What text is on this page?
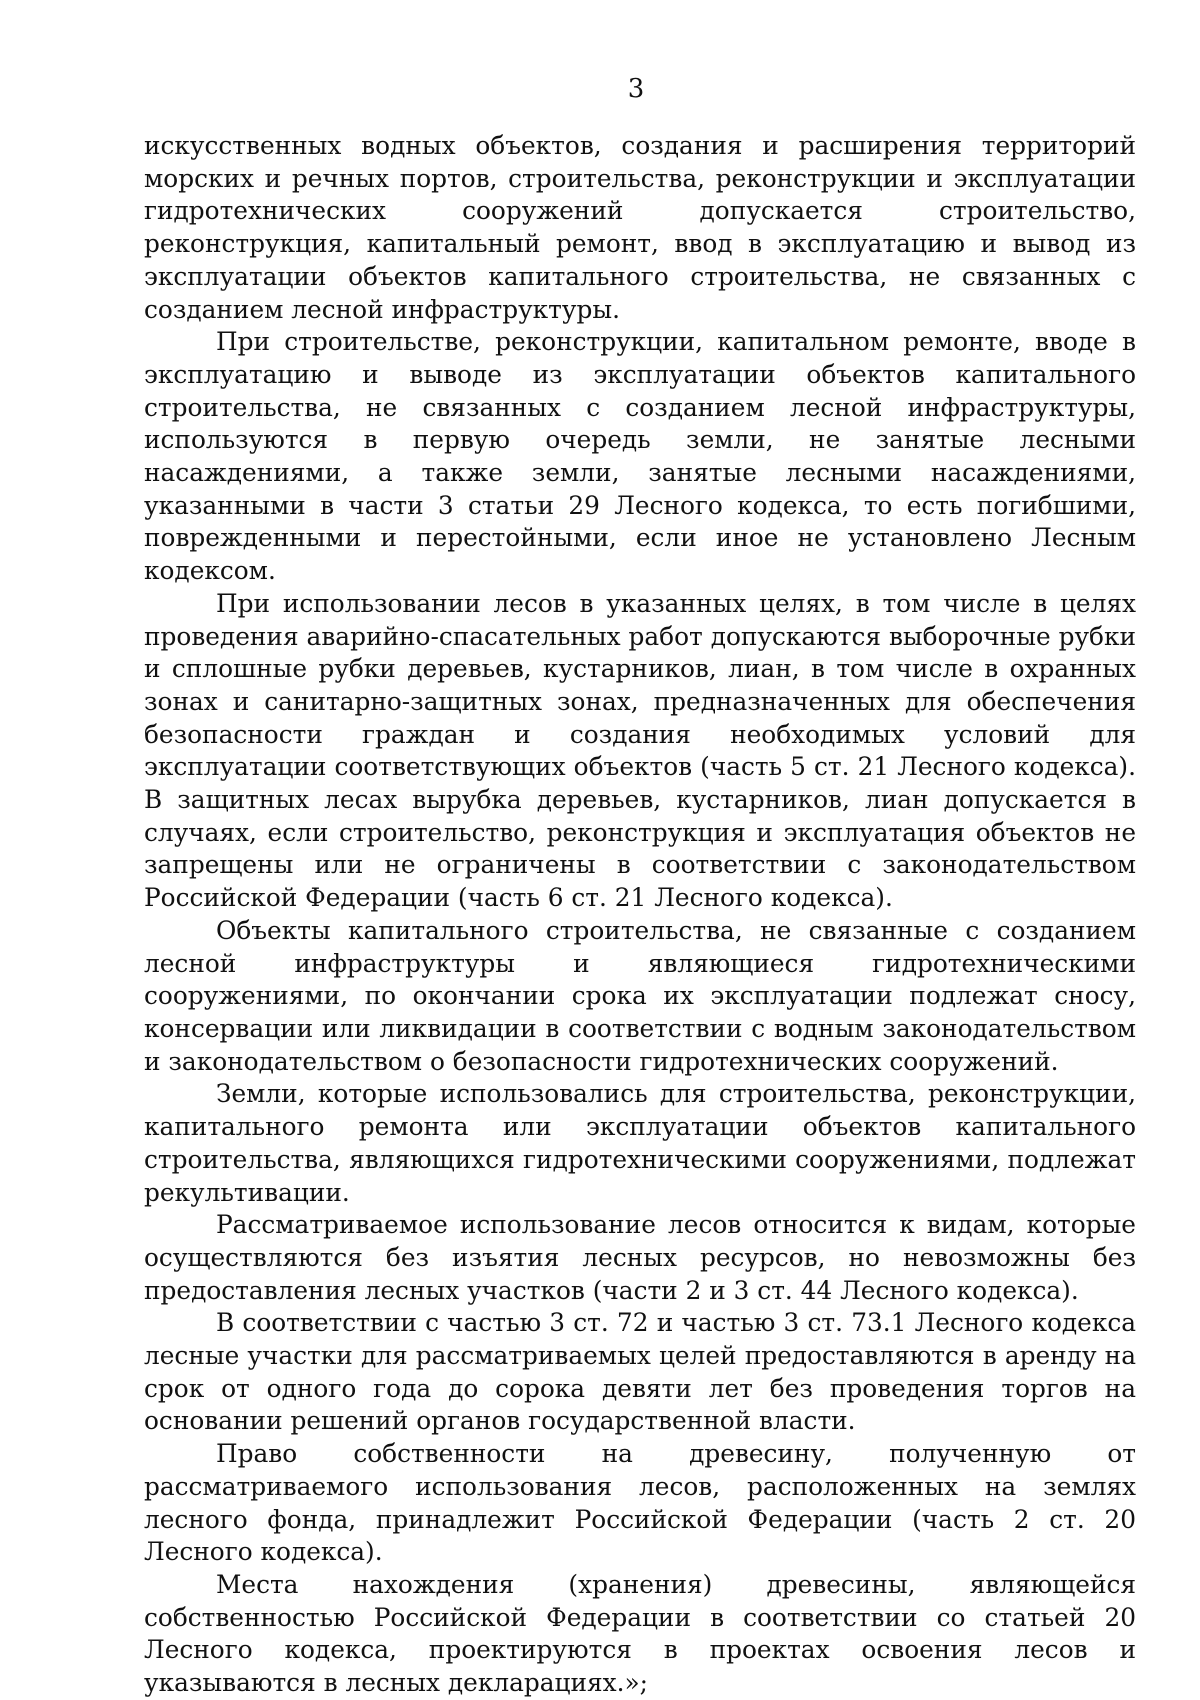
3

искусственных водных объектов, создания и расширения территорий морских и речных портов, строительства, реконструкции и эксплуатации гидротехнических сооружений допускается строительство, реконструкция, капитальный ремонт, ввод в эксплуатацию и вывод из эксплуатации объектов капитального строительства, не связанных с созданием лесной инфраструктуры.

При строительстве, реконструкции, капитальном ремонте, вводе в эксплуатацию и выводе из эксплуатации объектов капитального строительства, не связанных с созданием лесной инфраструктуры, используются в первую очередь земли, не занятые лесными насаждениями, а также земли, занятые лесными насаждениями, указанными в части 3 статьи 29 Лесного кодекса, то есть погибшими, поврежденными и перестойными, если иное не установлено Лесным кодексом.

При использовании лесов в указанных целях, в том числе в целях проведения аварийно-спасательных работ допускаются выборочные рубки и сплошные рубки деревьев, кустарников, лиан, в том числе в охранных зонах и санитарно-защитных зонах, предназначенных для обеспечения безопасности граждан и создания необходимых условий для эксплуатации соответствующих объектов (часть 5 ст. 21 Лесного кодекса). В защитных лесах вырубка деревьев, кустарников, лиан допускается в случаях, если строительство, реконструкция и эксплуатация объектов не запрещены или не ограничены в соответствии с законодательством Российской Федерации (часть 6 ст. 21 Лесного кодекса).

Объекты капитального строительства, не связанные с созданием лесной инфраструктуры и являющиеся гидротехническими сооружениями, по окончании срока их эксплуатации подлежат сносу, консервации или ликвидации в соответствии с водным законодательством и законодательством о безопасности гидротехнических сооружений.

Земли, которые использовались для строительства, реконструкции, капитального ремонта или эксплуатации объектов капитального строительства, являющихся гидротехническими сооружениями, подлежат рекультивации.

Рассматриваемое использование лесов относится к видам, которые осуществляются без изъятия лесных ресурсов, но невозможны без предоставления лесных участков (части 2 и 3 ст. 44 Лесного кодекса).

В соответствии с частью 3 ст. 72 и частью 3 ст. 73.1 Лесного кодекса лесные участки для рассматриваемых целей предоставляются в аренду на срок от одного года до сорока девяти лет без проведения торгов на основании решений органов государственной власти.

Право собственности на древесину, полученную от рассматриваемого использования лесов, расположенных на землях лесного фонда, принадлежит Российской Федерации (часть 2 ст. 20 Лесного кодекса).

Места нахождения (хранения) древесины, являющейся собственностью Российской Федерации в соответствии со статьей 20 Лесного кодекса, проектируются в проектах освоения лесов и указываются в лесных декларациях.»;
